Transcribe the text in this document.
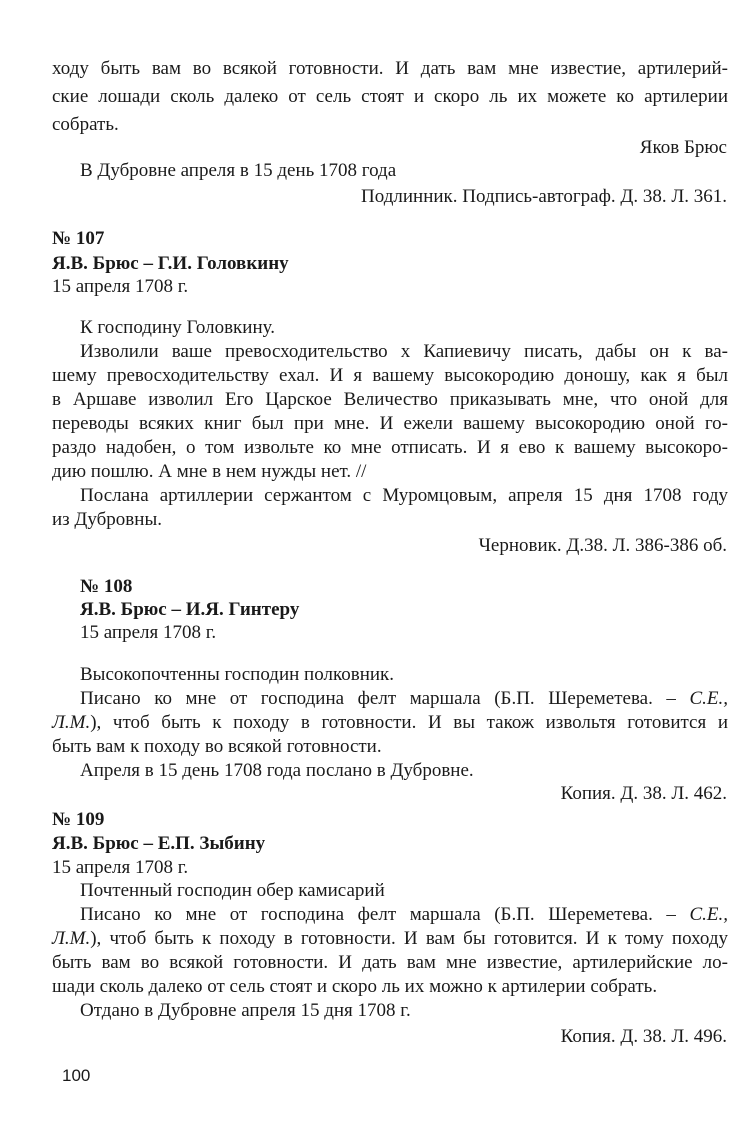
ходу быть вам во всякой готовности. И дать вам мне известие, артилерий-
ские лошади сколь далеко от сель стоят и скоро ль их можете ко артилерии
собрать.
Яков Брюс
В Дубровне апреля в 15 день 1708 года
Подлинник. Подпись-автограф. Д. 38. Л. 361.
№ 107
Я.В. Брюс – Г.И. Головкину
15 апреля 1708 г.
К господину Головкину.
Изволили ваше превосходительство х Капиевичу писать, дабы он к ва-
шему превосходительству ехал. И я вашему высокородию доношу, как я был
в Аршаве изволил Его Царское Величество приказывать мне, что оной для
переводы всяких книг был при мне. И ежели вашему высокородию оной го-
раздо надобен, о том извольте ко мне отписать. И я ево к вашему высокоро-
дию пошлю. А мне в нем нужды нет. //
Послана артиллерии сержантом с Муромцовым, апреля 15 дня 1708 году
из Дубровны.
Черновик. Д.38. Л. 386-386 об.
№ 108
Я.В. Брюс – И.Я. Гинтеру
15 апреля 1708 г.
Высокопочтенны господин полковник.
Писано ко мне от господина фелт маршала (Б.П. Шереметева. – С.Е.,
Л.М.), чтоб быть к походу в готовности. И вы також извольтя готовится и
быть вам к походу во всякой готовности.
Апреля в 15 день 1708 года послано в Дубровне.
Копия. Д. 38. Л. 462.
№ 109
Я.В. Брюс – Е.П. Зыбину
15 апреля 1708 г.
Почтенный господин обер камисарий
Писано ко мне от господина фелт маршала (Б.П. Шереметева. – С.Е.,
Л.М.), чтоб быть к походу в готовности. И вам бы готовится. И к тому походу
быть вам во всякой готовности. И дать вам мне известие, артилерийские ло-
шади сколь далеко от сель стоят и скоро ль их можно к артилерии собрать.
Отдано в Дубровне апреля 15 дня 1708 г.
Копия. Д. 38. Л. 496.
100
